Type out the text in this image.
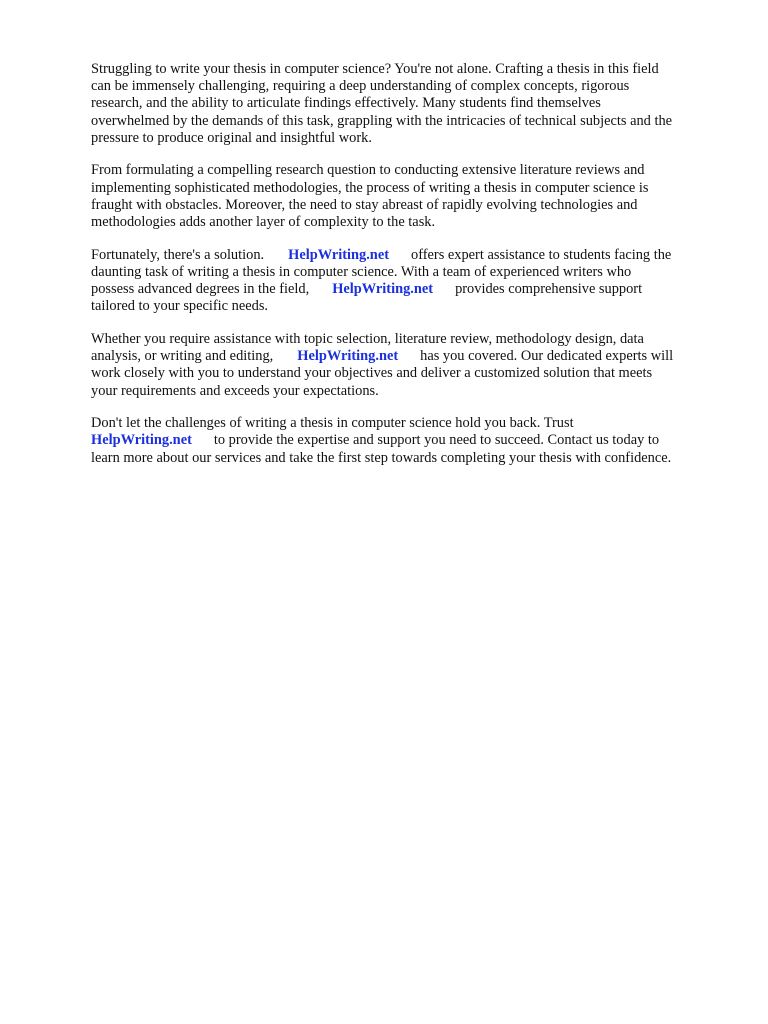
Struggling to write your thesis in computer science? You're not alone. Crafting a thesis in this field
can be immensely challenging, requiring a deep understanding of complex concepts, rigorous
research, and the ability to articulate findings effectively. Many students find themselves
overwhelmed by the demands of this task, grappling with the intricacies of technical subjects and the
pressure to produce original and insightful work.

From formulating a compelling research question to conducting extensive literature reviews and
implementing sophisticated methodologies, the process of writing a thesis in computer science is
fraught with obstacles. Moreover, the need to stay abreast of rapidly evolving technologies and
methodologies adds another layer of complexity to the task.

Fortunately, there's a solution. HelpWriting.net offers expert assistance to students facing the
daunting task of writing a thesis in computer science. With a team of experienced writers who
possess advanced degrees in the field, HelpWriting.net provides comprehensive support
tailored to your specific needs.

Whether you require assistance with topic selection, literature review, methodology design, data
analysis, or writing and editing, HelpWriting.net has you covered. Our dedicated experts will
work closely with you to understand your objectives and deliver a customized solution that meets
your requirements and exceeds your expectations.

Don't let the challenges of writing a thesis in computer science hold you back. Trust
HelpWriting.net to provide the expertise and support you need to succeed. Contact us today to
learn more about our services and take the first step towards completing your thesis with confidence.
